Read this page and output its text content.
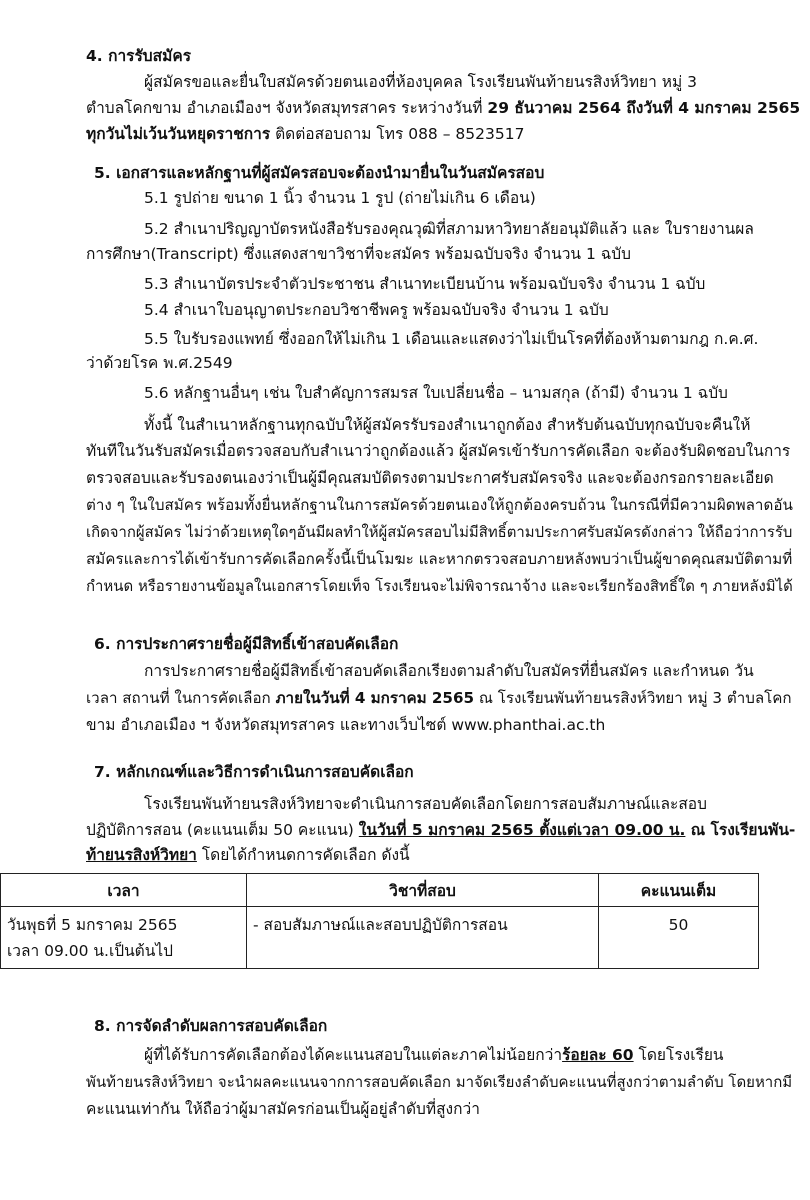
4. การรับสมัคร
ผู้สมัครขอและยื่นใบสมัครด้วยตนเองที่ห้องบุคคล โรงเรียนพันท้ายนรสิงห์วิทยา หมู่ 3
ตำบลโคกขาม อำเภอเมืองฯ จังหวัดสมุทรสาคร ระหว่างวันที่ 29 ธันวาคม 2564 ถึงวันที่ 4 มกราคม 2565
ทุกวันไม่เว้นวันหยุดราชการ ติดต่อสอบถาม โทร 088 – 8523517
5. เอกสารและหลักฐานที่ผู้สมัครสอบจะต้องนำมายื่นในวันสมัครสอบ
5.1 รูปถ่าย ขนาด 1 นิ้ว จำนวน 1 รูป (ถ่ายไม่เกิน 6 เดือน)
5.2 สำเนาปริญญาบัตรหนังสือรับรองคุณวุฒิที่สภามหาวิทยาลัยอนุมัติแล้ว และ ใบรายงานผล
การศึกษา(Transcript) ซึ่งแสดงสาขาวิชาที่จะสมัคร พร้อมฉบับจริง จำนวน 1 ฉบับ
5.3 สำเนาบัตรประจำตัวประชาชน สำเนาทะเบียนบ้าน พร้อมฉบับจริง จำนวน 1 ฉบับ
5.4 สำเนาใบอนุญาตประกอบวิชาชีพครู พร้อมฉบับจริง จำนวน 1 ฉบับ
5.5 ใบรับรองแพทย์ ซึ่งออกให้ไม่เกิน 1 เดือนและแสดงว่าไม่เป็นโรคที่ต้องห้ามตามกฎ ก.ค.ศ.
ว่าด้วยโรค พ.ศ.2549
5.6 หลักฐานอื่นๆ เช่น ใบสำคัญการสมรส ใบเปลี่ยนชื่อ – นามสกุล (ถ้ามี) จำนวน 1 ฉบับ
ทั้งนี้ ในสำเนาหลักฐานทุกฉบับให้ผู้สมัครรับรองสำเนาถูกต้อง สำหรับต้นฉบับทุกฉบับจะคืนให้
ทันทีในวันรับสมัครเมื่อตรวจสอบกับสำเนาว่าถูกต้องแล้ว ผู้สมัครเข้ารับการคัดเลือก จะต้องรับผิดชอบในการ
ตรวจสอบและรับรองตนเองว่าเป็นผู้มีคุณสมบัติตรงตามประกาศรับสมัครจริง และจะต้องกรอกรายละเอียด
ต่าง ๆ ในใบสมัคร พร้อมทั้งยื่นหลักฐานในการสมัครด้วยตนเองให้ถูกต้องครบถ้วน ในกรณีที่มีความผิดพลาดอัน
เกิดจากผู้สมัคร ไม่ว่าด้วยเหตุใดๆอันมีผลทำให้ผู้สมัครสอบไม่มีสิทธิ์ตามประกาศรับสมัครดังกล่าว ให้ถือว่าการรับ
สมัครและการได้เข้ารับการคัดเลือกครั้งนี้เป็นโมฆะ และหากตรวจสอบภายหลังพบว่าเป็นผู้ขาดคุณสมบัติตามที่
กำหนด หรือรายงานข้อมูลในเอกสารโดยเท็จ โรงเรียนจะไม่พิจารณาจ้าง และจะเรียกร้องสิทธิ์ใด ๆ ภายหลังมิได้
6. การประกาศรายชื่อผู้มีสิทธิ์เข้าสอบคัดเลือก
การประกาศรายชื่อผู้มีสิทธิ์เข้าสอบคัดเลือกเรียงตามลำดับใบสมัครที่ยื่นสมัคร และกำหนด วัน
เวลา สถานที่ ในการคัดเลือก ภายในวันที่ 4 มกราคม 2565 ณ โรงเรียนพันท้ายนรสิงห์วิทยา หมู่ 3 ตำบลโคก
ขาม อำเภอเมือง ฯ จังหวัดสมุทรสาคร และทางเว็บไซต์ www.phanthai.ac.th
7. หลักเกณฑ์และวิธีการดำเนินการสอบคัดเลือก
โรงเรียนพันท้ายนรสิงห์วิทยาจะดำเนินการสอบคัดเลือกโดยการสอบสัมภาษณ์และสอบ
ปฏิบัติการสอน (คะแนนเต็ม 50 คะแนน) ในวันที่ 5 มกราคม 2565 ตั้งแต่เวลา 09.00 น. ณ โรงเรียนพัน-
ท้ายนรสิงห์วิทยา โดยได้กำหนดการคัดเลือก ดังนี้
เวลา	วิชาที่สอบ	คะแนนเต็ม

วันพุธที่ 5 มกราคม 2565
เวลา 09.00 น.เป็นต้นไป	- สอบสัมภาษณ์และสอบปฏิบัติการสอน	50
8. การจัดลำดับผลการสอบคัดเลือก
ผู้ที่ได้รับการคัดเลือกต้องได้คะแนนสอบในแต่ละภาคไม่น้อยกว่าร้อยละ 60 โดยโรงเรียน
พันท้ายนรสิงห์วิทยา จะนำผลคะแนนจากการสอบคัดเลือก มาจัดเรียงลำดับคะแนนที่สูงกว่าตามลำดับ โดยหากมี
คะแนนเท่ากัน ให้ถือว่าผู้มาสมัครก่อนเป็นผู้อยู่ลำดับที่สูงกว่า
